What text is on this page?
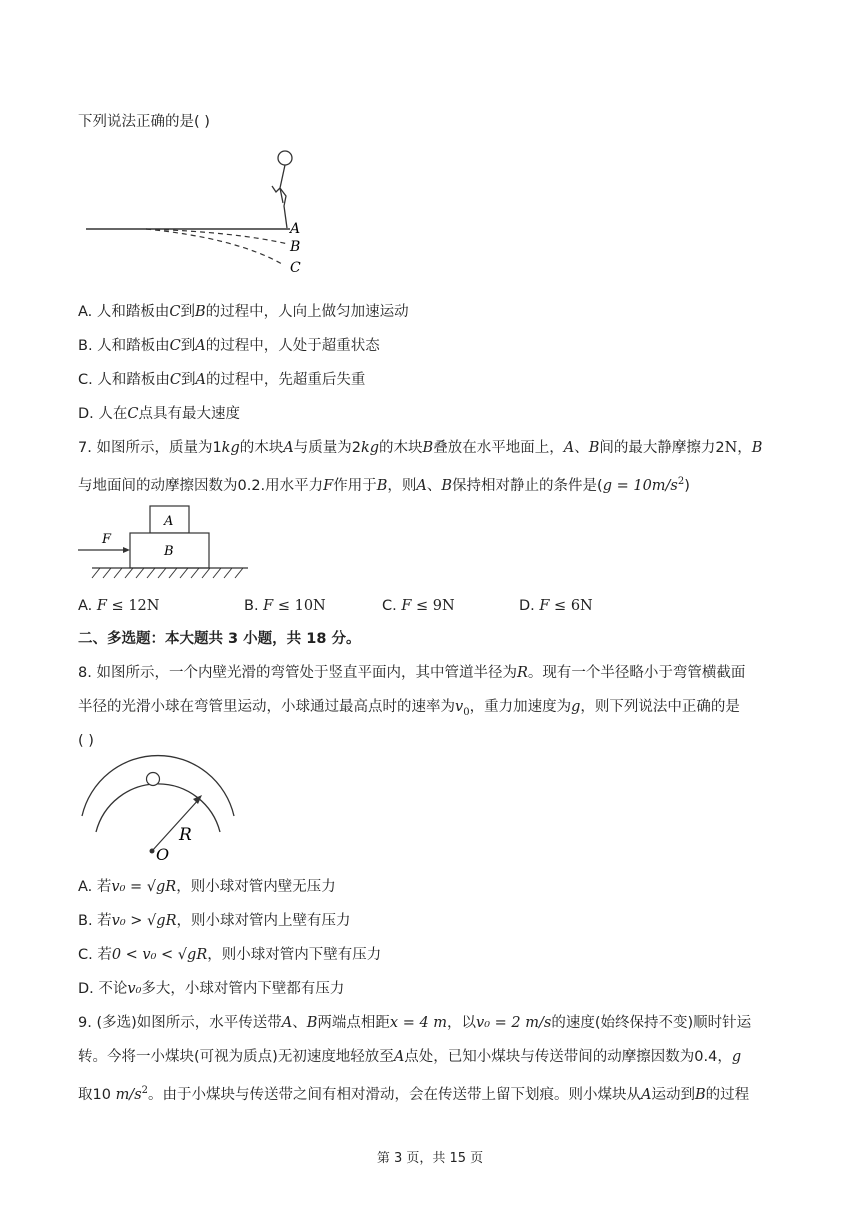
下列说法正确的是( )
A
B
C
A. 人和踏板由C到B的过程中，人向上做匀加速运动
B. 人和踏板由C到A的过程中，人处于超重状态
C. 人和踏板由C到A的过程中，先超重后失重
D. 人在C点具有最大速度
7. 如图所示，质量为1kg的木块A与质量为2kg的木块B叠放在水平地面上，A、B间的最大静摩擦力2N，B
与地面间的动摩擦因数为0.2.用水平力F作用于B，则A、B保持相对静止的条件是$(g = 10m/s^2)$
A
B
F
A. F ≤ 12N	B. F ≤ 10N	C. F ≤ 9N	D. F ≤ 6N
二、多选题：本大题共 3 小题，共 18 分。
8. 如图所示，一个内壁光滑的弯管处于竖直平面内，其中管道半径为R。现有一个半径略小于弯管横截面
半径的光滑小球在弯管里运动，小球通过最高点时的速率为$v_0$，重力加速度为g，则下列说法中正确的是
( )
R
O
A. 若v₀ = √gR，则小球对管内壁无压力
B. 若v₀ > √gR，则小球对管内上壁有压力
C. 若0 < v₀ < √gR，则小球对管内下壁有压力
D. 不论v₀多大，小球对管内下壁都有压力
9. (多选)如图所示，水平传送带A、B两端点相距x = 4 m，以v₀ = 2 m/s的速度(始终保持不变)顺时针运
转。今将一小煤块(可视为质点)无初速度地轻放至A点处，已知小煤块与传送带间的动摩擦因数为0.4，g
取10 $m/s^2$。由于小煤块与传送带之间有相对滑动，会在传送带上留下划痕。则小煤块从A运动到B的过程
第 3 页，共 15 页
